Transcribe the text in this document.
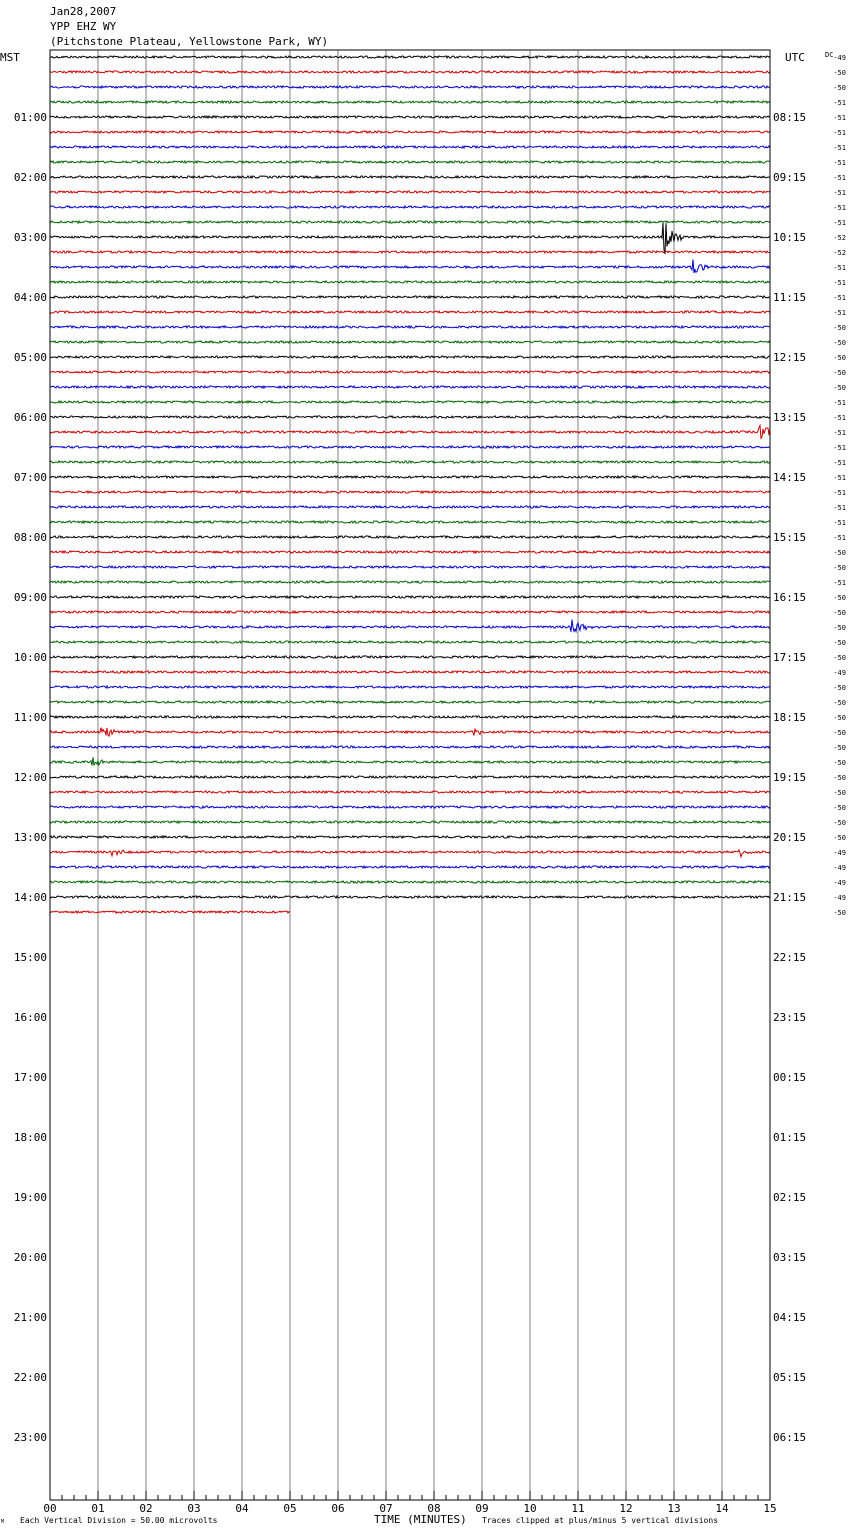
Jan28,2007
YPP EHZ WY
(Pitchstone Plateau, Yellowstone Park, WY)
MST	UTC	DC
01:00
02:00
03:00
04:00
05:00
06:00
07:00
08:00
09:00
10:00
11:00
12:00
13:00
14:00
15:00
16:00
17:00
18:00
19:00
20:00
21:00
22:00
23:00
08:15
09:15
10:15
11:15
12:15
13:15
14:15
15:15
16:15
17:15
18:15
19:15
20:15
21:15
22:15
23:15
00:15
01:15
02:15
03:15
04:15
05:15
06:15
-49
-50
-50
-51
-51
-51
-51
-51
-51
-51
-51
-51
-52
-52
-51
-51
-51
-51
-50
-50
-50
-50
-50
-51
-51
-51
-51
-51
-51
-51
-51
-51
-51
-50
-50
-51
-50
-50
-50
-50
-50
-49
-50
-50
-50
-50
-50
-50
-50
-50
-50
-50
-50
-49
-49
-49
-49
-50
M Each Vertical Division = 50.00 microvolts	TIME (MINUTES) Traces clipped at plus/minus 5 vertical divisions
00	01	02	03	04	05	06	07	08	09	10	11	12	13	14	15
